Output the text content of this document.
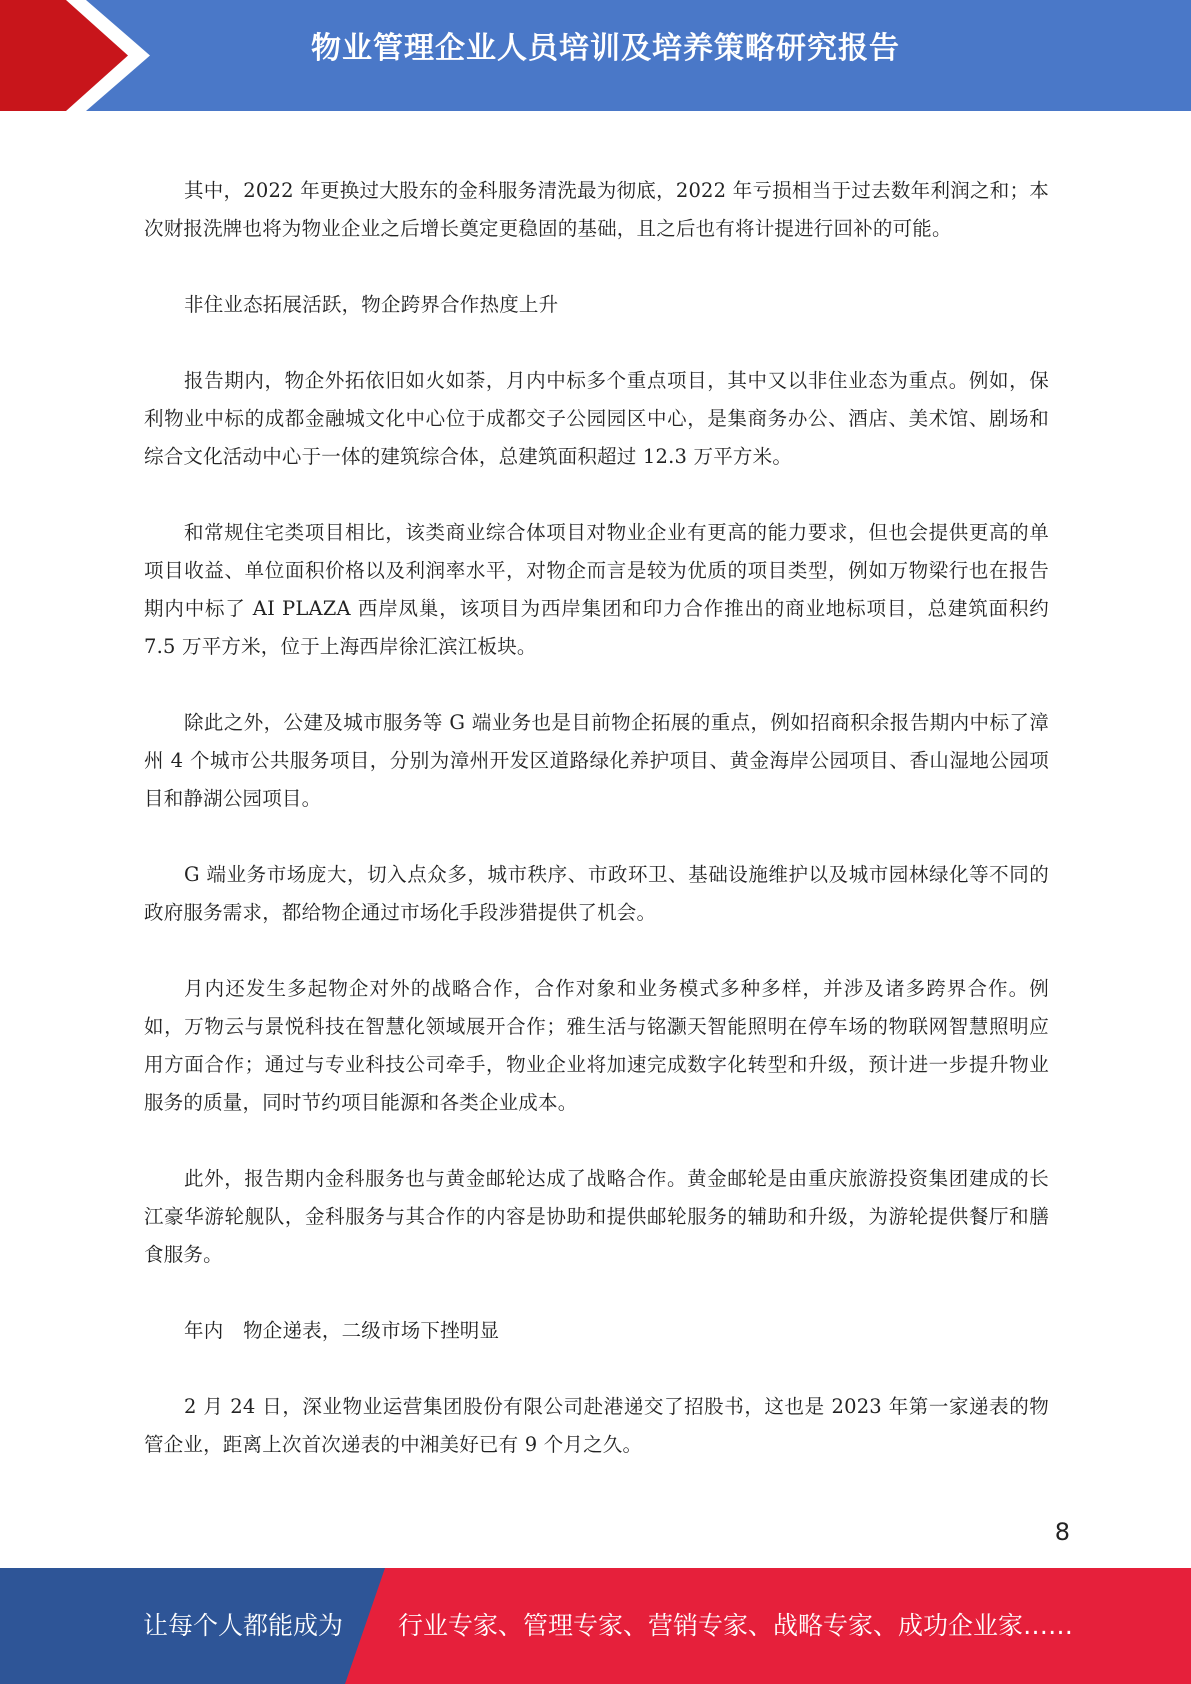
物业管理企业人员培训及培养策略研究报告

其中，2022 年更换过大股东的金科服务清洗最为彻底，2022 年亏损相当于过去数年利润之和；本次财报洗牌也将为物业企业之后增长奠定更稳固的基础，且之后也有将计提进行回补的可能。

非住业态拓展活跃，物企跨界合作热度上升

报告期内，物企外拓依旧如火如荼，月内中标多个重点项目，其中又以非住业态为重点。例如，保利物业中标的成都金融城文化中心位于成都交子公园园区中心，是集商务办公、酒店、美术馆、剧场和综合文化活动中心于一体的建筑综合体，总建筑面积超过 12.3 万平方米。

和常规住宅类项目相比，该类商业综合体项目对物业企业有更高的能力要求，但也会提供更高的单项目收益、单位面积价格以及利润率水平，对物企而言是较为优质的项目类型，例如万物梁行也在报告期内中标了 AI PLAZA 西岸凤巢，该项目为西岸集团和印力合作推出的商业地标项目，总建筑面积约 7.5 万平方米，位于上海西岸徐汇滨江板块。

除此之外，公建及城市服务等 G 端业务也是目前物企拓展的重点，例如招商积余报告期内中标了漳州 4 个城市公共服务项目，分别为漳州开发区道路绿化养护项目、黄金海岸公园项目、香山湿地公园项目和静湖公园项目。

G 端业务市场庞大，切入点众多，城市秩序、市政环卫、基础设施维护以及城市园林绿化等不同的政府服务需求，都给物企通过市场化手段涉猎提供了机会。

月内还发生多起物企对外的战略合作，合作对象和业务模式多种多样，并涉及诸多跨界合作。例如，万物云与景悦科技在智慧化领域展开合作；雅生活与铭灏天智能照明在停车场的物联网智慧照明应用方面合作；通过与专业科技公司牵手，物业企业将加速完成数字化转型和升级，预计进一步提升物业服务的质量，同时节约项目能源和各类企业成本。

此外，报告期内金科服务也与黄金邮轮达成了战略合作。黄金邮轮是由重庆旅游投资集团建成的长江豪华游轮舰队，金科服务与其合作的内容是协助和提供邮轮服务的辅助和升级，为游轮提供餐厅和膳食服务。

年内　物企递表，二级市场下挫明显

2 月 24 日，深业物业运营集团股份有限公司赴港递交了招股书，这也是 2023 年第一家递表的物管企业，距离上次首次递表的中湘美好已有 9 个月之久。

8
让每个人都能成为 行业专家、管理专家、营销专家、战略专家、成功企业家……
